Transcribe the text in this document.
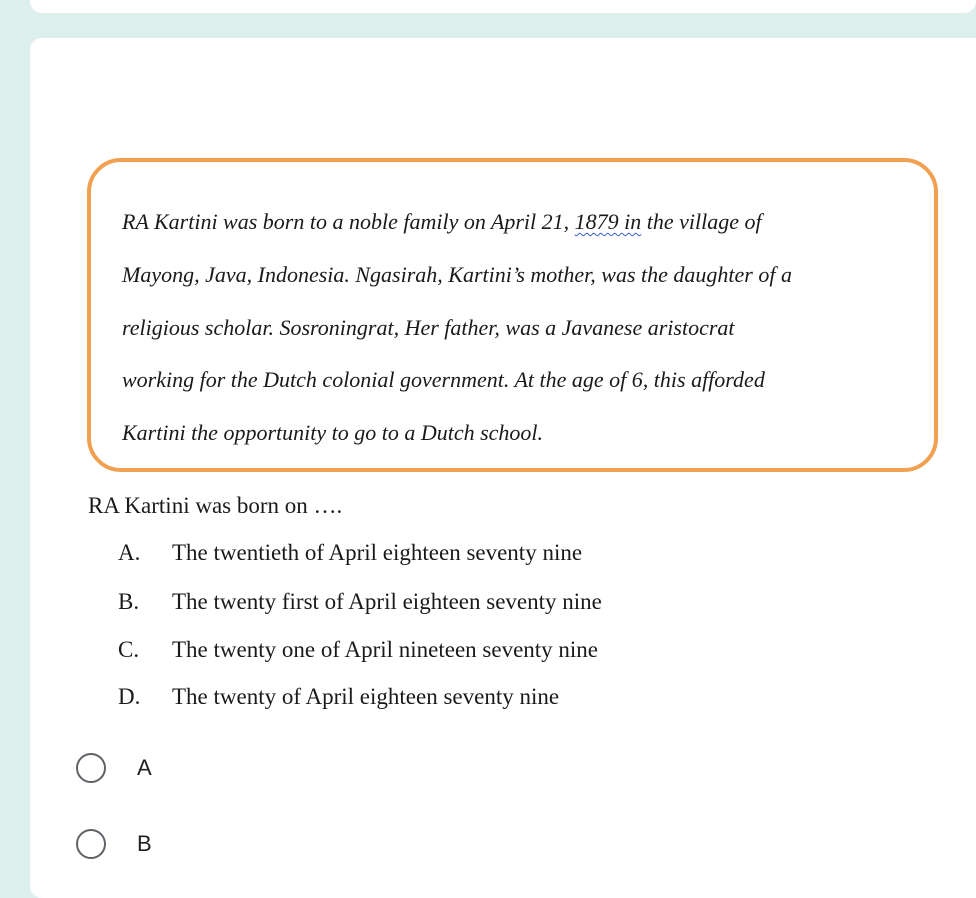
RA Kartini was born to a noble family on April 21, 1879 in the village of
Mayong, Java, Indonesia. Ngasirah, Kartini’s mother, was the daughter of a
religious scholar. Sosroningrat, Her father, was a Javanese aristocrat
working for the Dutch colonial government. At the age of 6, this afforded
Kartini the opportunity to go to a Dutch school.
RA Kartini was born on ….
A. The twentieth of April eighteen seventy nine
B. The twenty first of April eighteen seventy nine
C. The twenty one of April nineteen seventy nine
D. The twenty of April eighteen seventy nine
A
B
